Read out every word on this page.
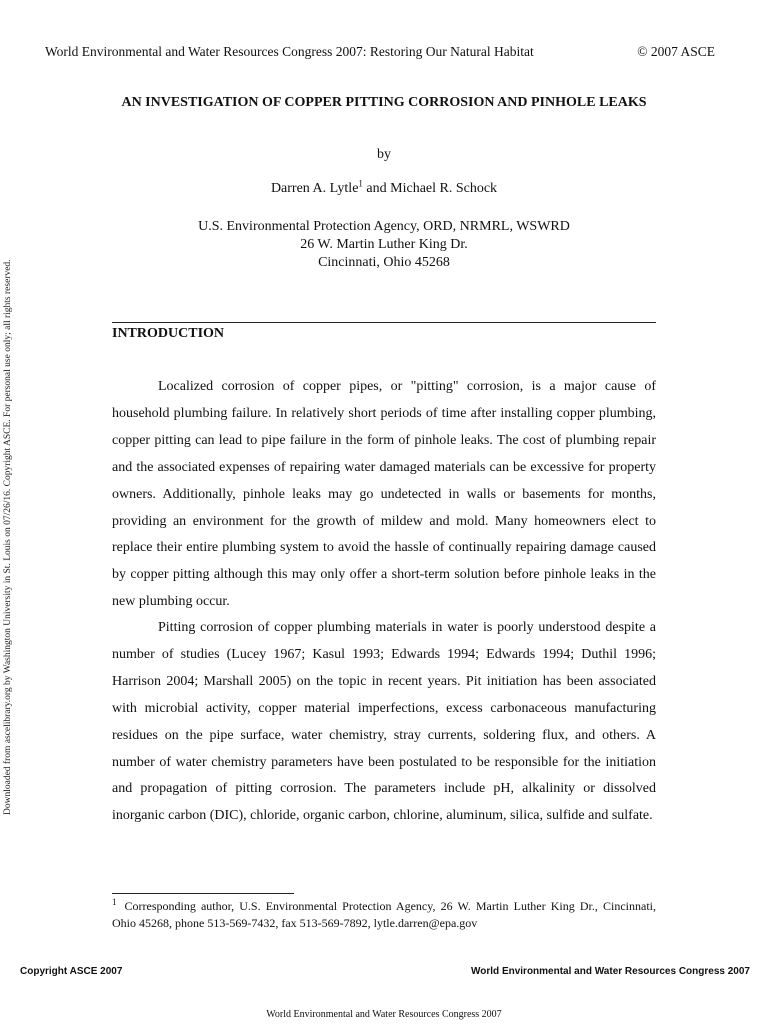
World Environmental and Water Resources Congress 2007: Restoring Our Natural Habitat	© 2007 ASCE
AN INVESTIGATION OF COPPER PITTING CORROSION AND PINHOLE LEAKS
by
Darren A. Lytle$^1$ and Michael R. Schock
U.S. Environmental Protection Agency, ORD, NRMRL, WSWRD
26 W. Martin Luther King Dr.
Cincinnati, Ohio 45268
INTRODUCTION

Localized corrosion of copper pipes, or "pitting" corrosion, is a major cause of household plumbing failure. In relatively short periods of time after installing copper plumbing, copper pitting can lead to pipe failure in the form of pinhole leaks. The cost of plumbing repair and the associated expenses of repairing water damaged materials can be excessive for property owners. Additionally, pinhole leaks may go undetected in walls or basements for months, providing an environment for the growth of mildew and mold. Many homeowners elect to replace their entire plumbing system to avoid the hassle of continually repairing damage caused by copper pitting although this may only offer a short-term solution before pinhole leaks in the new plumbing occur.

Pitting corrosion of copper plumbing materials in water is poorly understood despite a number of studies (Lucey 1967; Kasul 1993; Edwards 1994; Edwards 1994; Duthil 1996; Harrison 2004; Marshall 2005) on the topic in recent years. Pit initiation has been associated with microbial activity, copper material imperfections, excess carbonaceous manufacturing residues on the pipe surface, water chemistry, stray currents, soldering flux, and others. A number of water chemistry parameters have been postulated to be responsible for the initiation and propagation of pitting corrosion. The parameters include pH, alkalinity or dissolved inorganic carbon (DIC), chloride, organic carbon, chlorine, aluminum, silica, sulfide and sulfate.

$^1$ Corresponding author, U.S. Environmental Protection Agency, 26 W. Martin Luther King Dr., Cincinnati, Ohio 45268, phone 513-569-7432, fax 513-569-7892, lytle.darren@epa.gov
Downloaded from ascelibrary.org by Washington University in St. Louis on 07/26/16. Copyright ASCE. For personal use only; all rights reserved.
Copyright ASCE 2007	World Environmental and Water Resources Congress 2007
World Environmental and Water Resources Congress 2007
